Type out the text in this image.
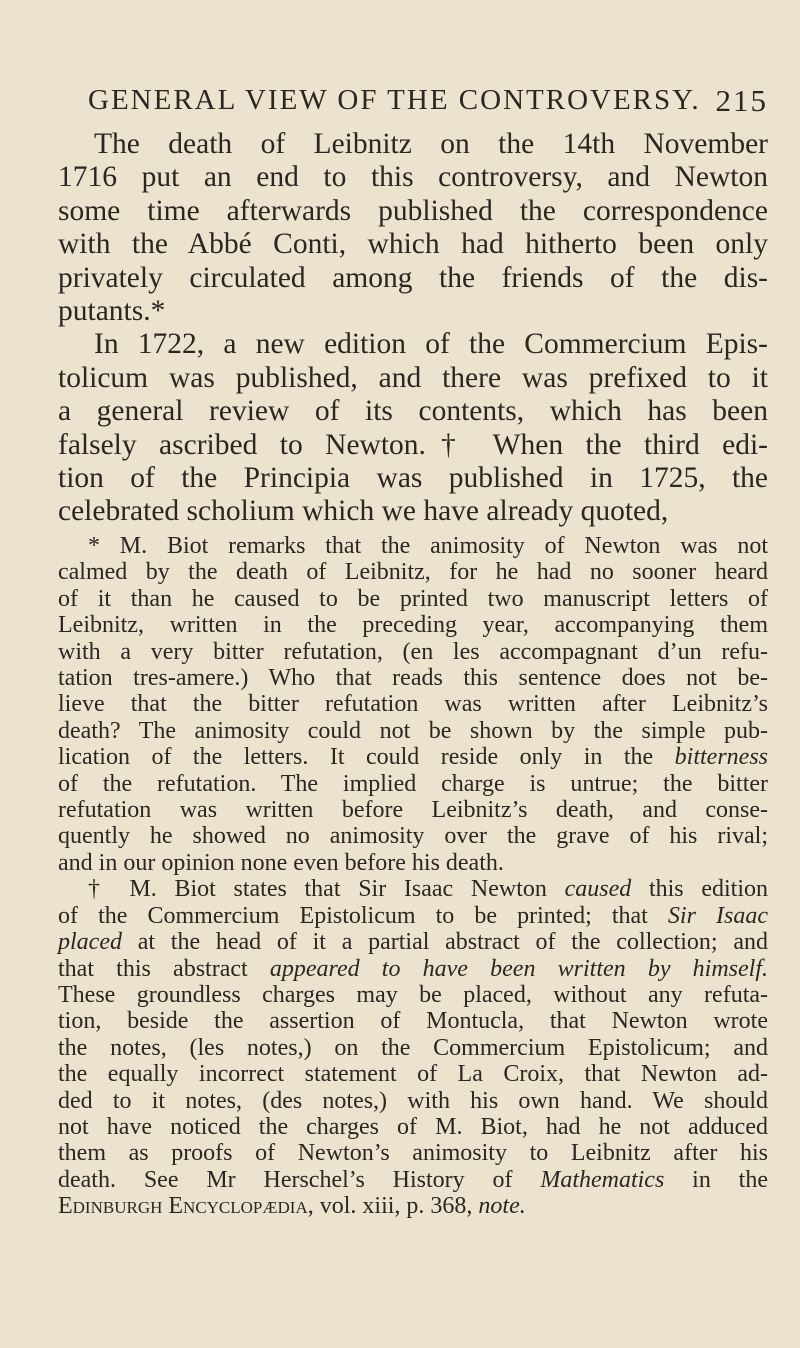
GENERAL VIEW OF THE CONTROVERSY. 215
The death of Leibnitz on the 14th November
1716 put an end to this controversy, and Newton
some time afterwards published the correspondence
with the Abbé Conti, which had hitherto been only
privately circulated among the friends of the dis-
putants.*
In 1722, a new edition of the Commercium Epis-
tolicum was published, and there was prefixed to it
a general review of its contents, which has been
falsely ascribed to Newton.† When the third edi-
tion of the Principia was published in 1725, the
celebrated scholium which we have already quoted,
* M. Biot remarks that the animosity of Newton was not
calmed by the death of Leibnitz, for he had no sooner heard
of it than he caused to be printed two manuscript letters of
Leibnitz, written in the preceding year, accompanying them
with a very bitter refutation, (en les accompagnant d’un refu-
tation tres-amere.) Who that reads this sentence does not be-
lieve that the bitter refutation was written after Leibnitz’s
death? The animosity could not be shown by the simple pub-
lication of the letters. It could reside only in the bitterness
of the refutation. The implied charge is untrue; the bitter
refutation was written before Leibnitz’s death, and conse-
quently he showed no animosity over the grave of his rival;
and in our opinion none even before his death.
† M. Biot states that Sir Isaac Newton caused this edition
of the Commercium Epistolicum to be printed; that Sir Isaac
placed at the head of it a partial abstract of the collection; and
that this abstract appeared to have been written by himself.
These groundless charges may be placed, without any refuta-
tion, beside the assertion of Montucla, that Newton wrote
the notes, (les notes,) on the Commercium Epistolicum; and
the equally incorrect statement of La Croix, that Newton ad-
ded to it notes, (des notes,) with his own hand. We should
not have noticed the charges of M. Biot, had he not adduced
them as proofs of Newton’s animosity to Leibnitz after his
death. See Mr Herschel’s History of Mathematics in the
Edinburgh Encyclopædia, vol. xiii, p. 368, note.
